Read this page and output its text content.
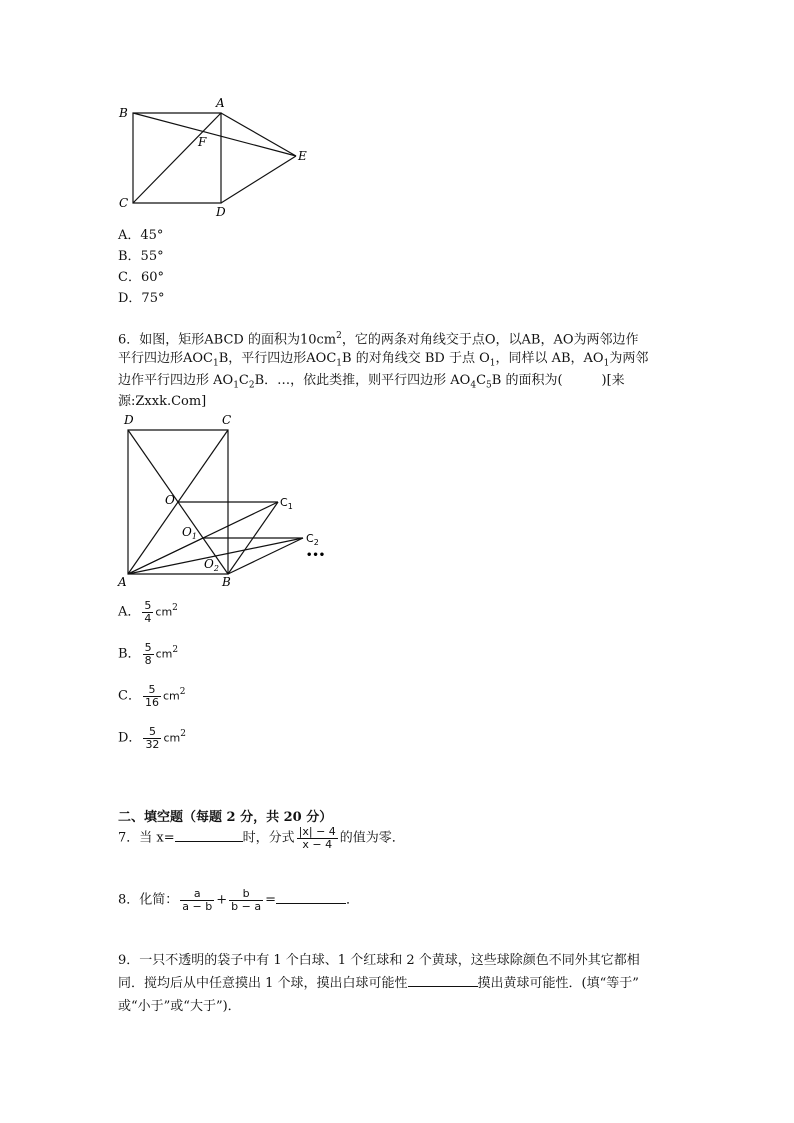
B
A
F
E
C
D
A．45°
B．55°
C．60°
D．75°
6．如图，矩形ABCD 的面积为$10cm^2$，它的两条对角线交于点O，以AB，AO为两邻边作
平行四边形$AOC_1B$，平行四边形$AOC_1B$ 的对角线交 BD 于点 $O_1$，同样以 AB，$AO_1$为两邻
边作平行四边形 $AO_1C_2B$．…，依此类推，则平行四边形 $AO_4C_5B$ 的面积为(　　　)[来
源:Zxxk.Com]
D	C
O	$C_1$
$O_1$	$C_2$
•••
$O_2$
A	B
A． $\frac{5}{4} cm^2$
B． $\frac{5}{8} cm^2$
C． $\frac{5}{16} cm^2$
D． $\frac{5}{32} cm^2$
二、填空题（每题 2 分，共 20 分）
7．当 x=	时，分式 $\frac{|x| - 4}{x - 4}$ 的值为零．
8．化简： $\frac{a}{a - b} + \frac{b}{b - a}$ =	．
9．一只不透明的袋子中有 1 个白球、1 个红球和 2 个黄球，这些球除颜色不同外其它都相
同．搅均后从中任意摸出 1 个球，摸出白球可能性	摸出黄球可能性．(填“等于”
或“小于”或“大于”)．
